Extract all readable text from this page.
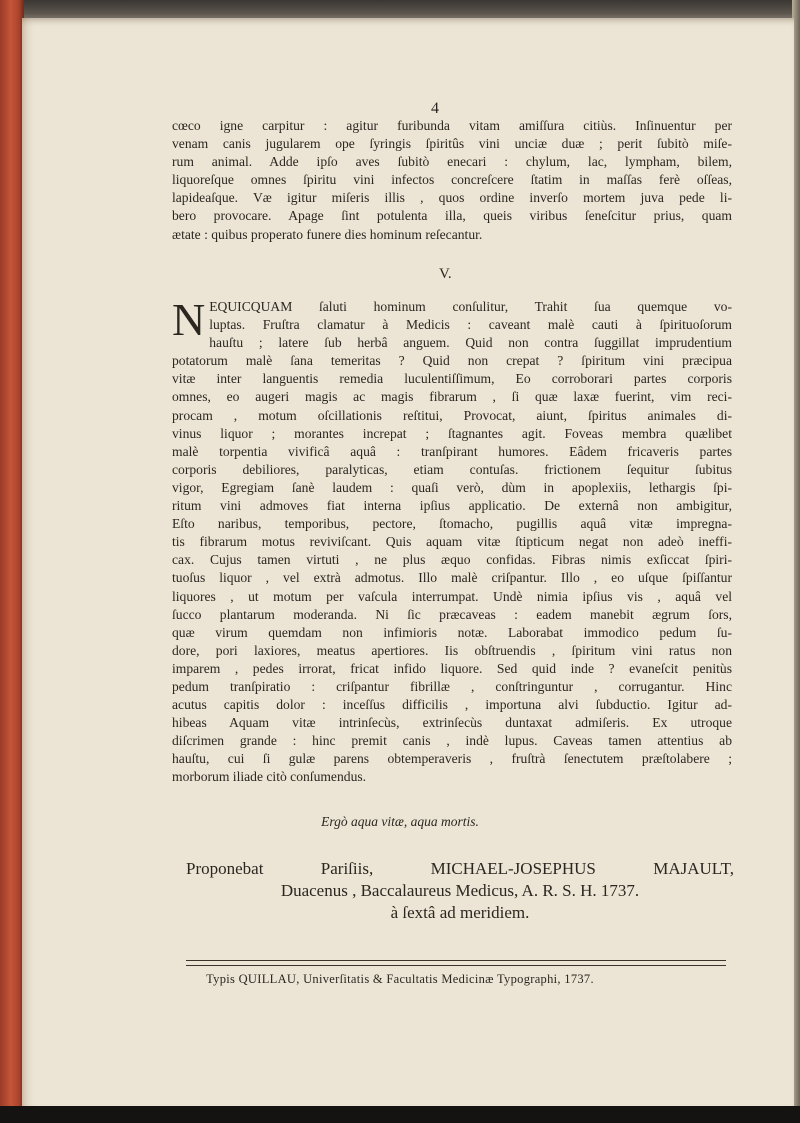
4
cœco igne carpitur : agitur furibunda vitam amiſſura citiùs. Inſinuentur per
venam canis jugularem ope ſyringis ſpiritûs vini unciæ duæ ; perit ſubitò miſe-
rum animal. Adde ipſo aves ſubitò enecari : chylum, lac, lympham, bilem,
liquoreſque omnes ſpiritu vini infectos concreſcere ſtatim in maſſas ferè oſſeas,
lapideaſque. Væ igitur miſeris illis , quos ordine inverſo mortem juva pede li-
bero provocare. Apage ſint potulenta illa, queis viribus ſeneſcitur prius, quam
ætate : quibus properato funere dies hominum reſecantur.
V.
N EQUICQUAM ſaluti hominum conſulitur, Trahit ſua quemque vo-
luptas. Fruſtra clamatur à Medicis : caveant malè cauti à ſpirituoſorum
hauſtu ; latere ſub herbâ anguem. Quid non contra ſuggillat imprudentium
potatorum malè ſana temeritas ? Quid non crepat ? ſpiritum vini præcipua
vitæ inter languentis remedia luculentiſſimum, Eo corroborari partes corporis
omnes, eo augeri magis ac magis fibrarum , ſi quæ laxæ fuerint, vim reci-
procam , motum oſcillationis reſtitui, Provocat, aiunt, ſpiritus animales di-
vinus liquor ; morantes increpat ; ſtagnantes agit. Foveas membra quælibet
malè torpentia vivificâ aquâ : tranſpirant humores. Eâdem fricaveris partes
corporis debiliores, paralyticas, etiam contuſas. frictionem ſequitur ſubitus
vigor, Egregiam ſanè laudem : quaſi verò, dùm in apoplexiis, lethargis ſpi-
ritum vini admoves fiat interna ipſius applicatio. De externâ non ambigitur,
Eſto naribus, temporibus, pectore, ſtomacho, pugillis aquâ vitæ impregna-
tis fibrarum motus reviviſcant. Quis aquam vitæ ſtipticum negat non adeò ineffi-
cax. Cujus tamen virtuti , ne plus æquo confidas. Fibras nimis exſiccat ſpiri-
tuoſus liquor , vel extrà admotus. Illo malè criſpantur. Illo , eo uſque ſpiſſantur
liquores , ut motum per vaſcula interrumpat. Undè nimia ipſius vis , aquâ vel
ſucco plantarum moderanda. Ni ſic præcaveas : eadem manebit ægrum ſors,
quæ virum quemdam non infimioris notæ. Laborabat immodico pedum ſu-
dore, pori laxiores, meatus apertiores. Iis obſtruendis , ſpiritum vini ratus non
imparem , pedes irrorat, fricat infido liquore. Sed quid inde ? evaneſcit penitùs
pedum tranſpiratio : criſpantur fibrillæ , conſtringuntur , corrugantur. Hinc
acutus capitis dolor : inceſſus difficilis , importuna alvi ſubductio. Igitur ad-
hibeas Aquam vitæ intrinſecùs, extrinſecùs duntaxat admiſeris. Ex utroque
diſcrimen grande : hinc premit canis , indè lupus. Caveas tamen attentius ab
hauſtu, cui ſi gulæ parens obtemperaveris , fruſtrà ſenectutem præſtolabere ;
morborum iliade citò conſumendus.
Ergò aqua vitæ, aqua mortis.
Proponebat Pariſiis, MICHAEL-JOSEPHUS MAJAULT,
Duacenus , Baccalaureus Medicus, A. R. S. H. 1737.
à ſextâ ad meridiem.
Typis QUILLAU, Univerſitatis & Facultatis Medicinæ Typographi, 1737.
